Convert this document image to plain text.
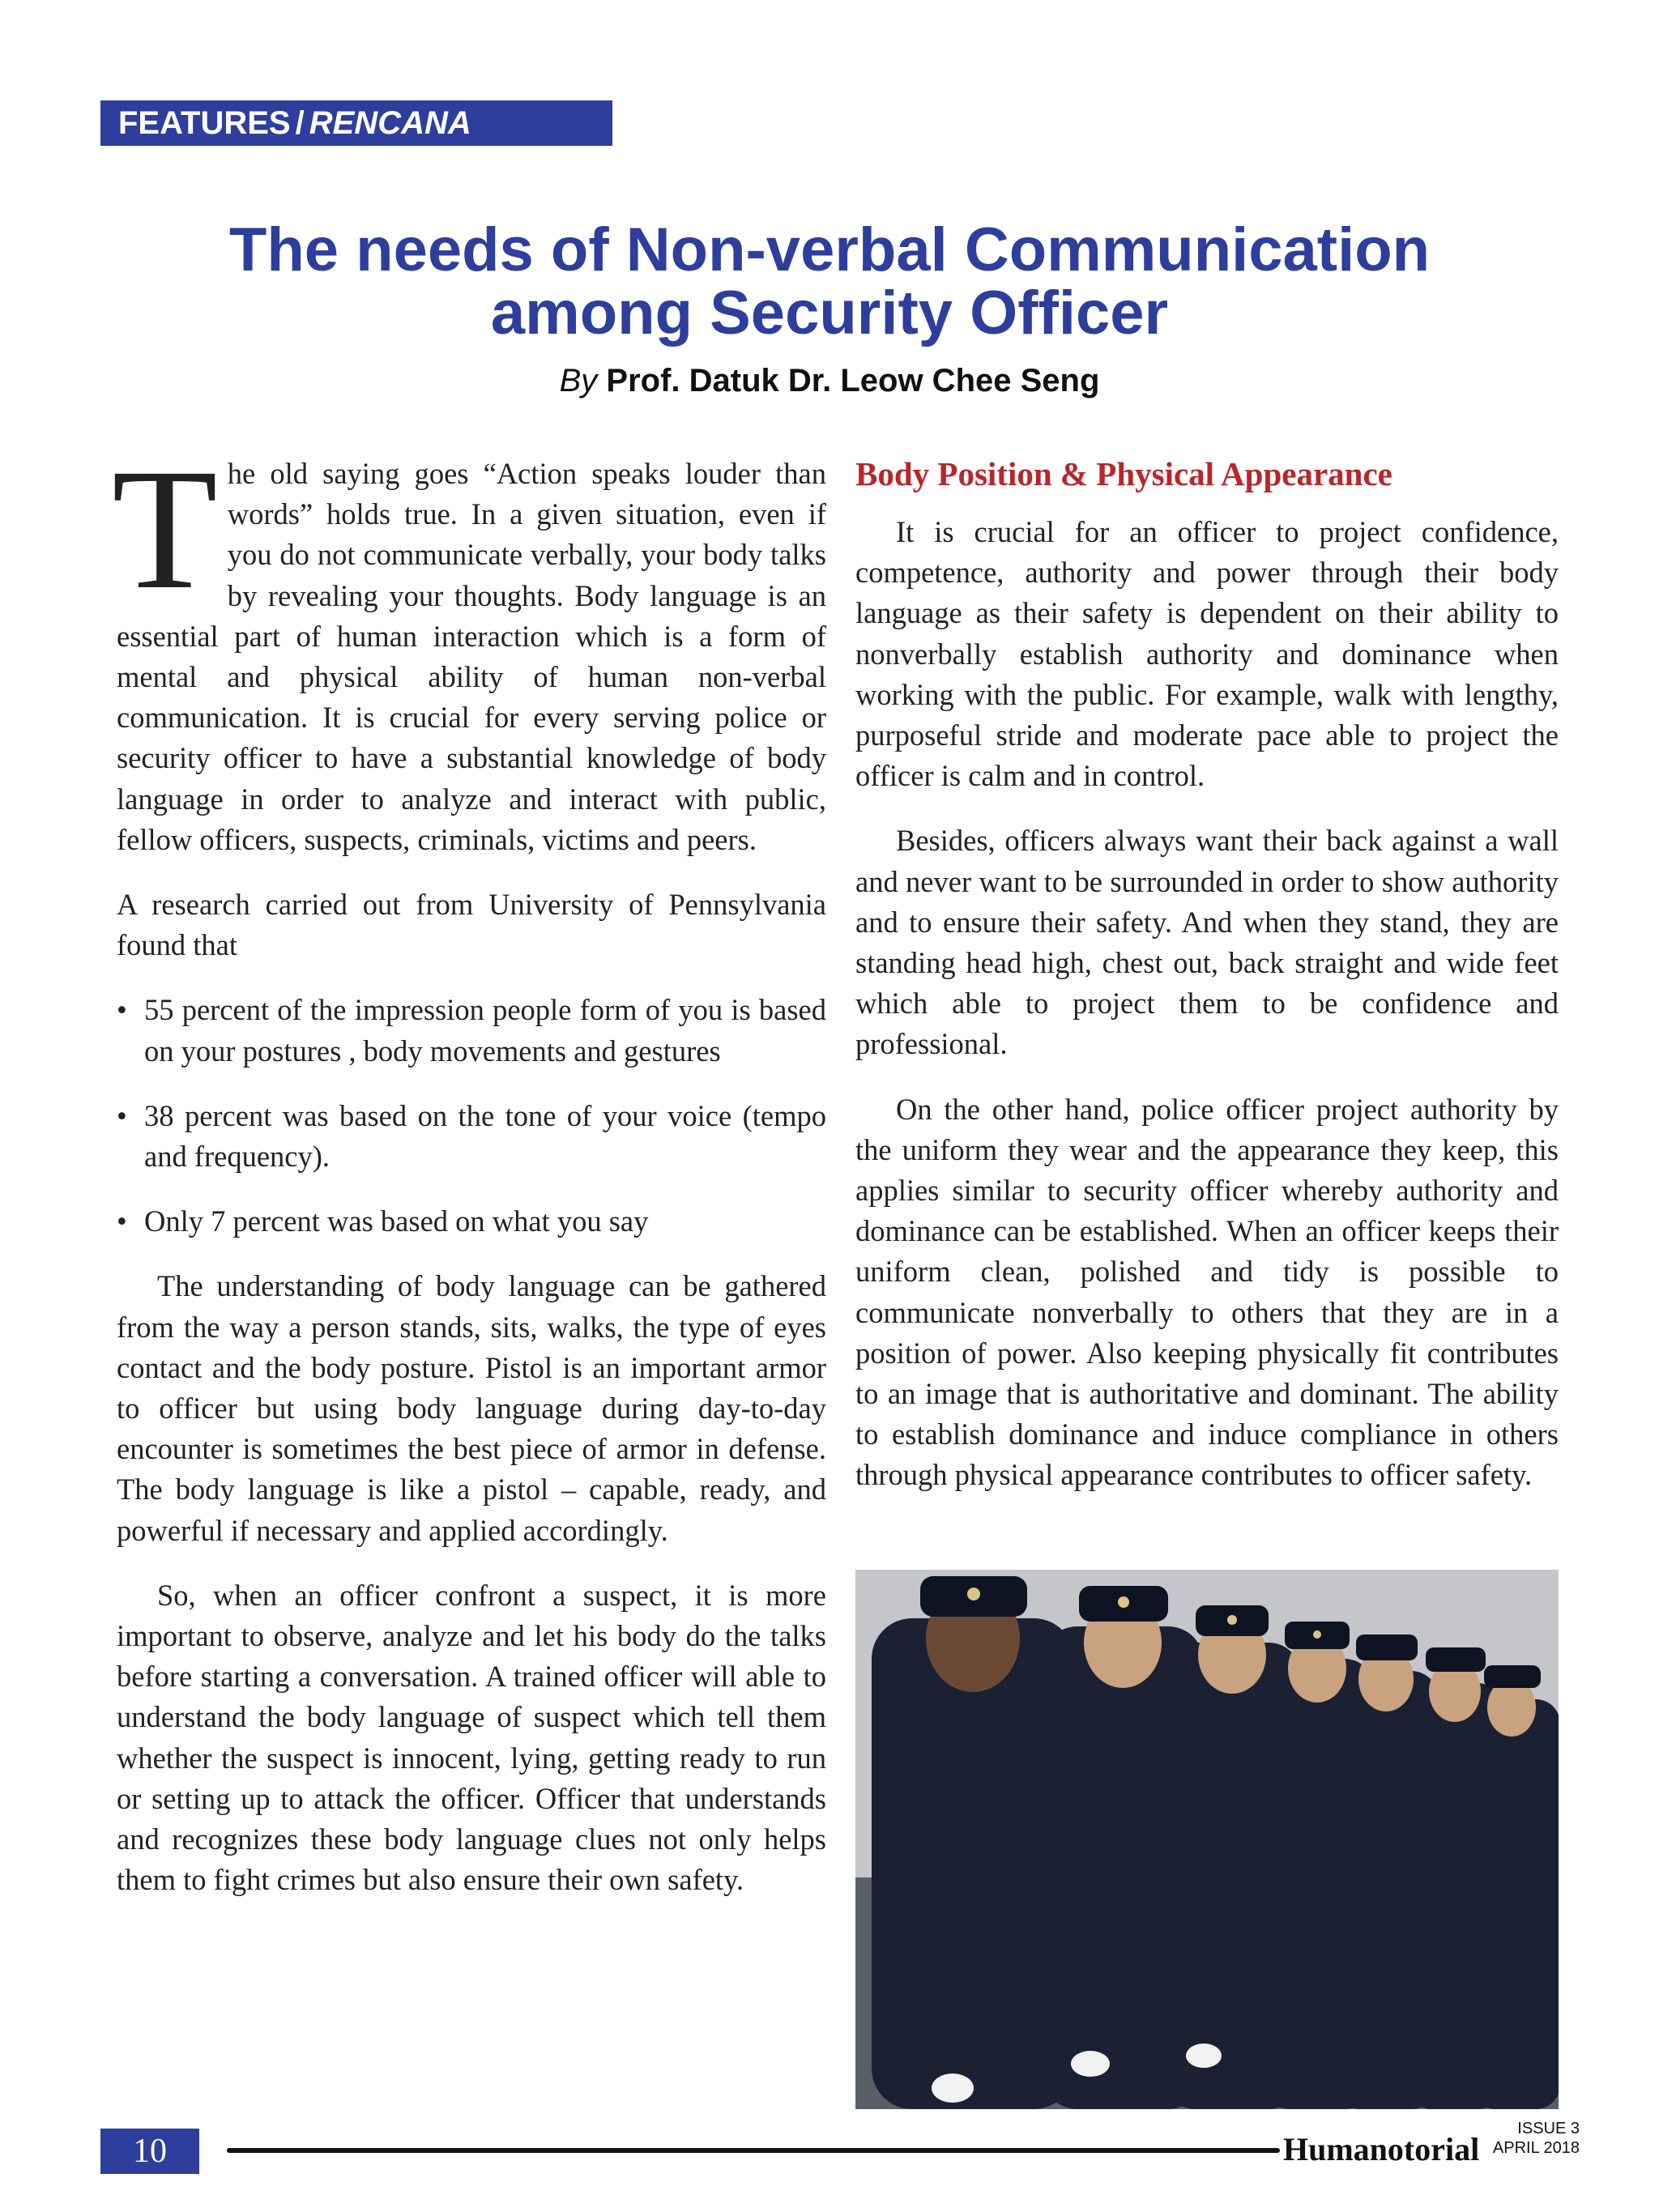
FEATURES / RENCANA
The needs of Non-verbal Communication
among Security Officer
By Prof. Datuk Dr. Leow Chee Seng

The old saying goes “Action speaks louder than words” holds true. In a given situation, even if you do not communicate verbally, your body talks by revealing your thoughts. Body language is an essential part of human interaction which is a form of mental and physical ability of human non-verbal communication. It is crucial for every serving police or security officer to have a substantial knowledge of body language in order to analyze and interact with public, fellow officers, suspects, criminals, victims and peers.

A research carried out from University of Pennsylvania found that

• 55 percent of the impression people form of you is based on your postures , body movements and gestures
• 38 percent was based on the tone of your voice (tempo and frequency).
• Only 7 percent was based on what you say

The understanding of body language can be gathered from the way a person stands, sits, walks, the type of eyes contact and the body posture. Pistol is an important armor to officer but using body language during day-to-day encounter is sometimes the best piece of armor in defense. The body language is like a pistol – capable, ready, and powerful if necessary and applied accordingly.

So, when an officer confront a suspect, it is more important to observe, analyze and let his body do the talks before starting a conversation. A trained officer will able to understand the body language of suspect which tell them whether the suspect is innocent, lying, getting ready to run or setting up to attack the officer. Officer that understands and recognizes these body language clues not only helps them to fight crimes but also ensure their own safety.

Body Position & Physical Appearance

It is crucial for an officer to project confidence, competence, authority and power through their body language as their safety is dependent on their ability to nonverbally establish authority and dominance when working with the public. For example, walk with lengthy, purposeful stride and moderate pace able to project the officer is calm and in control.

Besides, officers always want their back against a wall and never want to be surrounded in order to show authority and to ensure their safety. And when they stand, they are standing head high, chest out, back straight and wide feet which able to project them to be confidence and professional.

On the other hand, police officer project authority by the uniform they wear and the appearance they keep, this applies similar to security officer whereby authority and dominance can be established. When an officer keeps their uniform clean, polished and tidy is possible to communicate nonverbally to others that they are in a position of power. Also keeping physically fit contributes to an image that is authoritative and dominant. The ability to establish dominance and induce compliance in others through physical appearance contributes to officer safety.

10	Humanotorial
ISSUE 3
APRIL 2018
